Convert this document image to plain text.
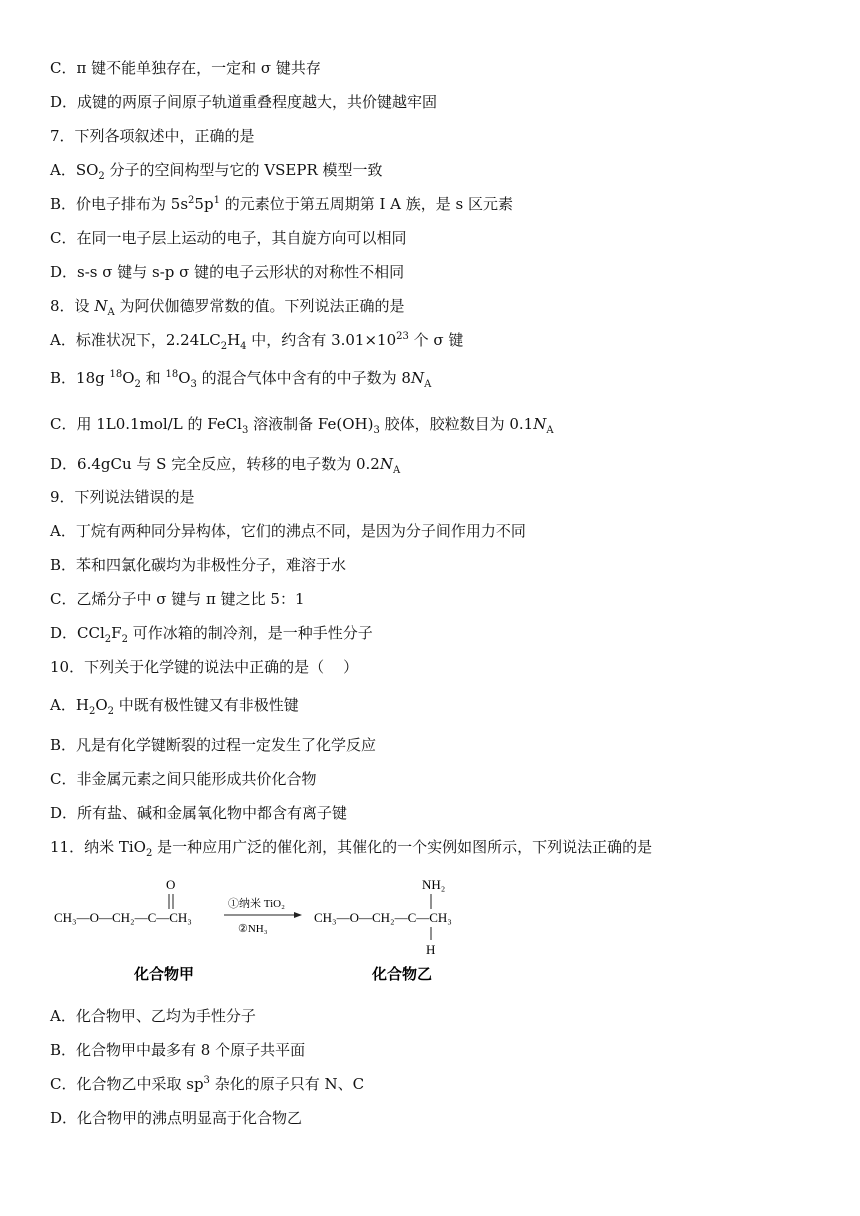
C．π 键不能单独存在，一定和 σ 键共存
D．成键的两原子间原子轨道重叠程度越大，共价键越牢固
7．下列各项叙述中，正确的是
A．$SO_2$ 分子的空间构型与它的 VSEPR 模型一致
B．价电子排布为 $5s^25p^1$ 的元素位于第五周期第 I A 族，是 s 区元素
C．在同一电子层上运动的电子，其自旋方向可以相同
D．s-s σ 键与 s-p σ 键的电子云形状的对称性不相同
8．设 $N_A$ 为阿伏伽德罗常数的值。下列说法正确的是
A．标准状况下，$2.24LC_2H_4$ 中，约含有 $3.01\times 10^{23}$ 个 σ 键
B．18g $^{18}O_2$ 和 $^{18}O_3$ 的混合气体中含有的中子数为 $8N_A$
C．用 1L0.1mol/L 的 FeCl$_3$ 溶液制备 $Fe(OH)_3$ 胶体，胶粒数目为 $0.1N_A$
D．6.4gCu 与 S 完全反应，转移的电子数为 $0.2N_A$
9．下列说法错误的是
A．丁烷有两种同分异构体，它们的沸点不同，是因为分子间作用力不同
B．苯和四氯化碳均为非极性分子，难溶于水
C．乙烯分子中 σ 键与 π 键之比 5：1
D．$CCl_2F_2$ 可作冰箱的制冷剂，是一种手性分子
10．下列关于化学键的说法中正确的是（    ）
A．$H_2O_2$ 中既有极性键又有非极性键
B．凡是有化学键断裂的过程一定发生了化学反应
C．非金属元素之间只能形成共价化合物
D．所有盐、碱和金属氧化物中都含有离子键
11．纳米 TiO$_2$ 是一种应用广泛的催化剂，其催化的一个实例如图所示，下列说法正确的是
O
CH₃—O—CH₂—C—CH₃
①纳米 TiO₂
②NH₃
NH₂
CH₃—O—CH₂—C—CH₃
H
化合物甲	化合物乙
A．化合物甲、乙均为手性分子
B．化合物甲中最多有 8 个原子共平面
C．化合物乙中采取 $sp^3$ 杂化的原子只有 N、C
D．化合物甲的沸点明显高于化合物乙
